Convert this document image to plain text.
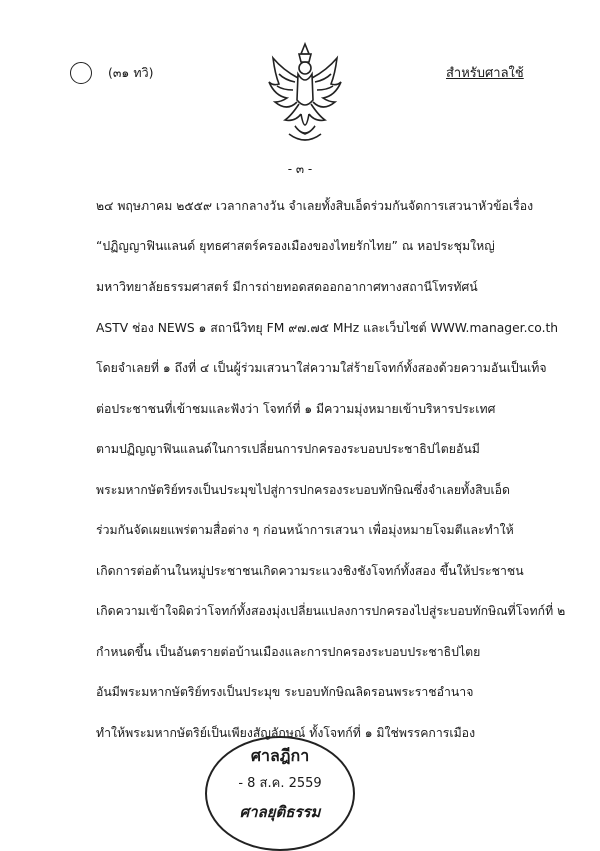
(๓๑ ทวิ)	สำหรับศาลใช้
- ๓ -
๒๔ พฤษภาคม ๒๕๕๙ เวลากลางวัน จำเลยทั้งสิบเอ็ดร่วมกันจัดการเสวนาหัวข้อเรื่อง
“ปฏิญญาฟินแลนด์ ยุทธศาสตร์ครองเมืองของไทยรักไทย” ณ หอประชุมใหญ่
มหาวิทยาลัยธรรมศาสตร์ มีการถ่ายทอดสดออกอากาศทางสถานีโทรทัศน์
ASTV ช่อง NEWS ๑ สถานีวิทยุ FM ๙๗.๗๕ MHz และเว็บไซต์ WWW.manager.co.th
โดยจำเลยที่ ๑ ถึงที่ ๔ เป็นผู้ร่วมเสวนาใส่ความใส่ร้ายโจทก์ทั้งสองด้วยความอันเป็นเท็จ
ต่อประชาชนที่เข้าชมและฟังว่า โจทก์ที่ ๑ มีความมุ่งหมายเข้าบริหารประเทศ
ตามปฏิญญาฟินแลนด์ในการเปลี่ยนการปกครองระบอบประชาธิปไตยอันมี
พระมหากษัตริย์ทรงเป็นประมุขไปสู่การปกครองระบอบทักษิณซึ่งจำเลยทั้งสิบเอ็ด
ร่วมกันจัดเผยแพร่ตามสื่อต่าง ๆ ก่อนหน้าการเสวนา เพื่อมุ่งหมายโจมตีและทำให้
เกิดการต่อต้านในหมู่ประชาชนเกิดความระแวงชิงชังโจทก์ทั้งสอง ขึ้นให้ประชาชน
เกิดความเข้าใจผิดว่าโจทก์ทั้งสองมุ่งเปลี่ยนแปลงการปกครองไปสู่ระบอบทักษิณที่โจทก์ที่ ๒
กำหนดขึ้น เป็นอันตรายต่อบ้านเมืองและการปกครองระบอบประชาธิปไตย
อันมีพระมหากษัตริย์ทรงเป็นประมุข ระบอบทักษิณลิดรอนพระราชอำนาจ
ทำให้พระมหากษัตริย์เป็นเพียงสัญลักษณ์ ทั้งโจทก์ที่ ๑ มิใช่พรรคการเมือง
ศาลฎีกา
- 8 ส.ค. 2559
ศาลยุติธรรม
